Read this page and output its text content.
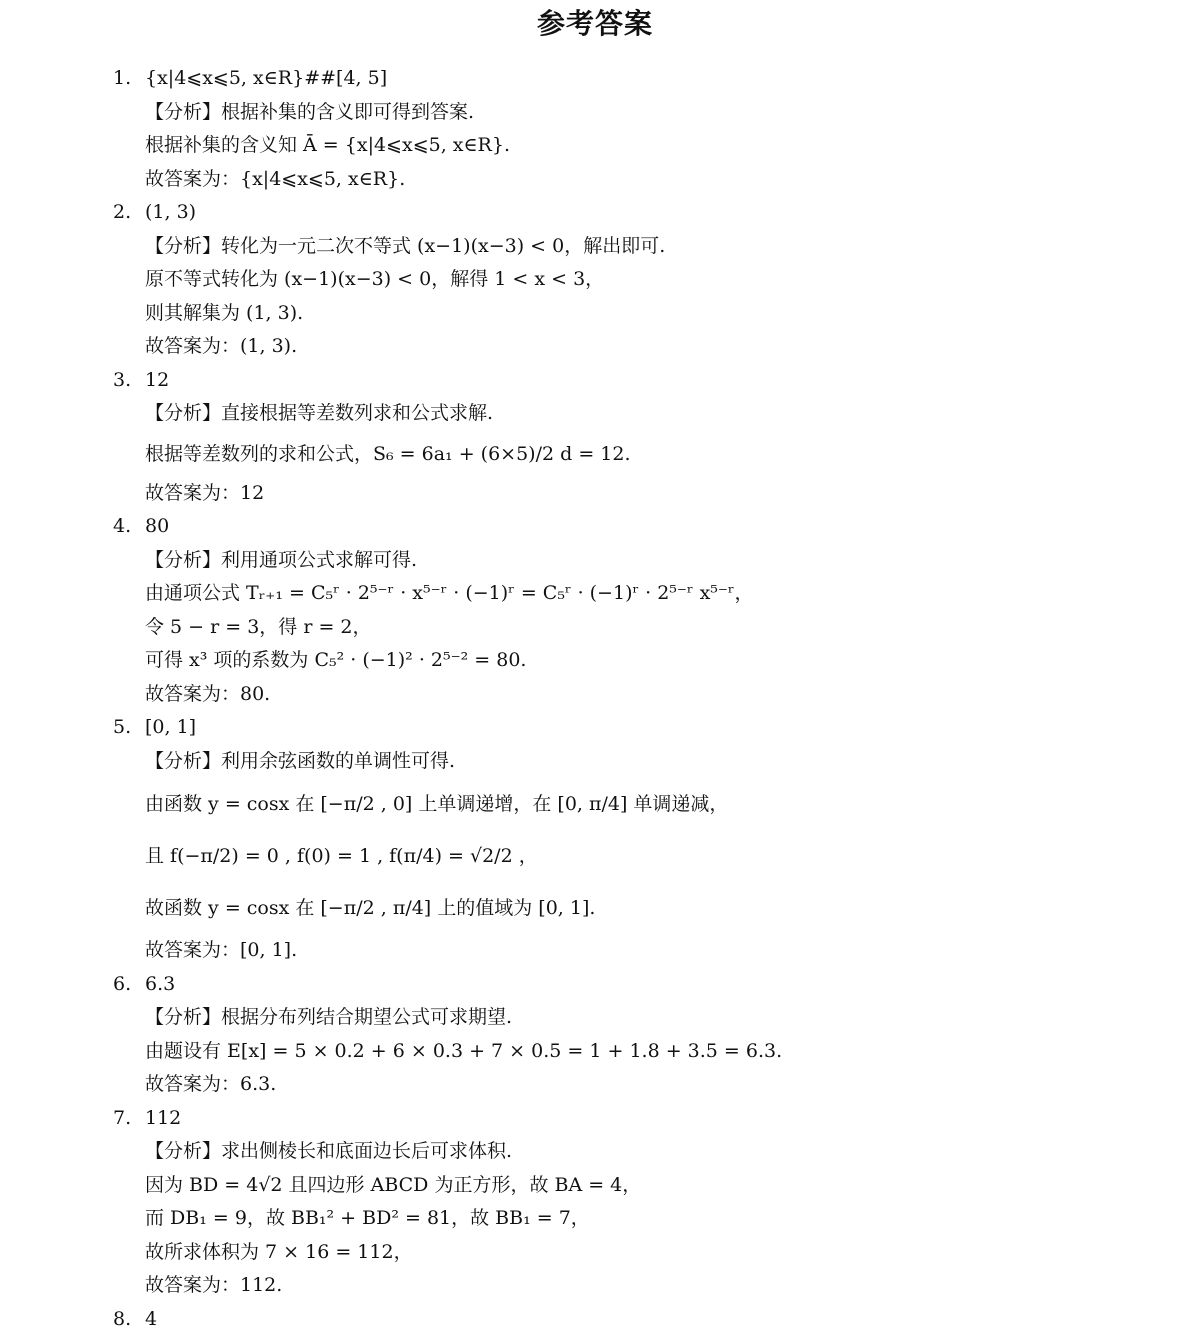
参考答案
1. {x|4⩽x⩽5, x∈R}##[4, 5]
【分析】根据补集的含义即可得到答案.
根据补集的含义知 Ā = {x|4⩽x⩽5, x∈R}.
故答案为：{x|4⩽x⩽5, x∈R}.
2. (1, 3)
【分析】转化为一元二次不等式 (x−1)(x−3) < 0，解出即可.
原不等式转化为 (x−1)(x−3) < 0，解得 1 < x < 3，
则其解集为 (1, 3).
故答案为：(1, 3).
3. 12
【分析】直接根据等差数列求和公式求解.
根据等差数列的求和公式，S₆ = 6a₁ + (6×5)/2 d = 12.
故答案为：12
4. 80
【分析】利用通项公式求解可得.
由通项公式 Tᵣ₊₁ = C₅ʳ · 2⁵⁻ʳ · x⁵⁻ʳ · (−1)ʳ = C₅ʳ · (−1)ʳ · 2⁵⁻ʳ x⁵⁻ʳ，
令 5 − r = 3，得 r = 2，
可得 x³ 项的系数为 C₅² · (−1)² · 2⁵⁻² = 80.
故答案为：80.
5. [0, 1]
【分析】利用余弦函数的单调性可得.
由函数 y = cosx 在 [−π/2 , 0] 上单调递增，在 [0, π/4] 单调递减，
且 f(−π/2) = 0 , f(0) = 1 , f(π/4) = √2/2 ，
故函数 y = cosx 在 [−π/2 , π/4] 上的值域为 [0, 1].
故答案为：[0, 1].
6. 6.3
【分析】根据分布列结合期望公式可求期望.
由题设有 E[x] = 5 × 0.2 + 6 × 0.3 + 7 × 0.5 = 1 + 1.8 + 3.5 = 6.3.
故答案为：6.3.
7. 112
【分析】求出侧棱长和底面边长后可求体积.
因为 BD = 4√2 且四边形 ABCD 为正方形，故 BA = 4，
而 DB₁ = 9，故 BB₁² + BD² = 81，故 BB₁ = 7，
故所求体积为 7 × 16 = 112，
故答案为：112.
8. 4
